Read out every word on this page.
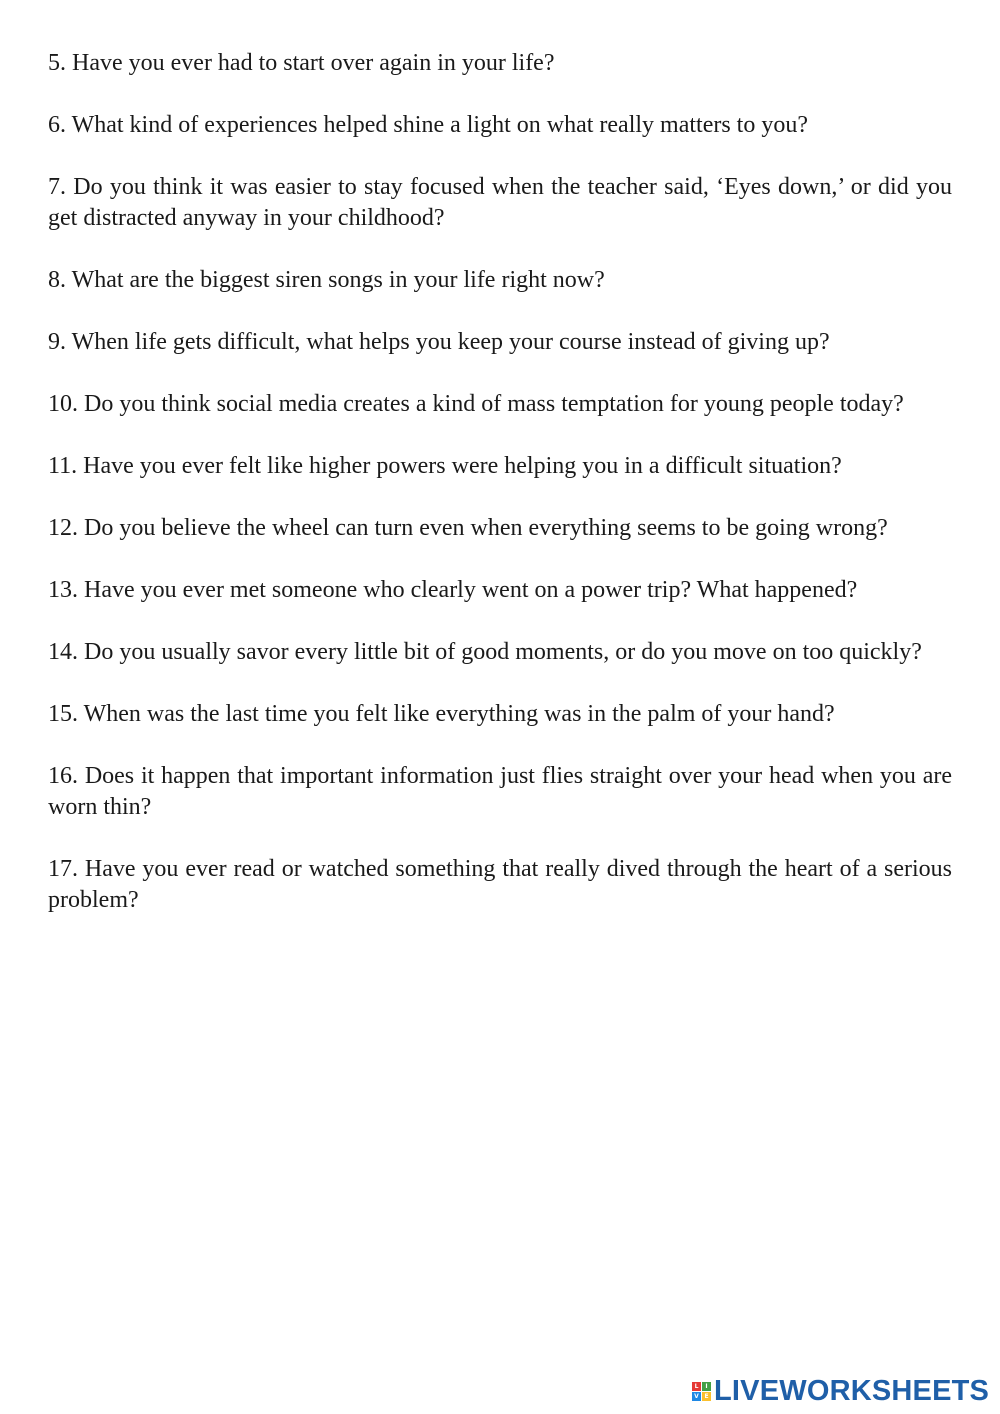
5. Have you ever had to start over again in your life?
6. What kind of experiences helped shine a light on what really matters to you?
7. Do you think it was easier to stay focused when the teacher said, ‘Eyes down,’ or did you get distracted anyway in your childhood?
8. What are the biggest siren songs in your life right now?
9. When life gets difficult, what helps you keep your course instead of giving up?
10. Do you think social media creates a kind of mass temptation for young people today?
11. Have you ever felt like higher powers were helping you in a difficult situation?
12. Do you believe the wheel can turn even when everything seems to be going wrong?
13. Have you ever met someone who clearly went on a power trip? What happened?
14. Do you usually savor every little bit of good moments, or do you move on too quickly?
15. When was the last time you felt like everything was in the palm of your hand?
16. Does it happen that important information just flies straight over your head when you are worn thin?
17. Have you ever read or watched something that really dived through the heart of a serious problem?
L	I
V E LIVEWORKSHEETS
